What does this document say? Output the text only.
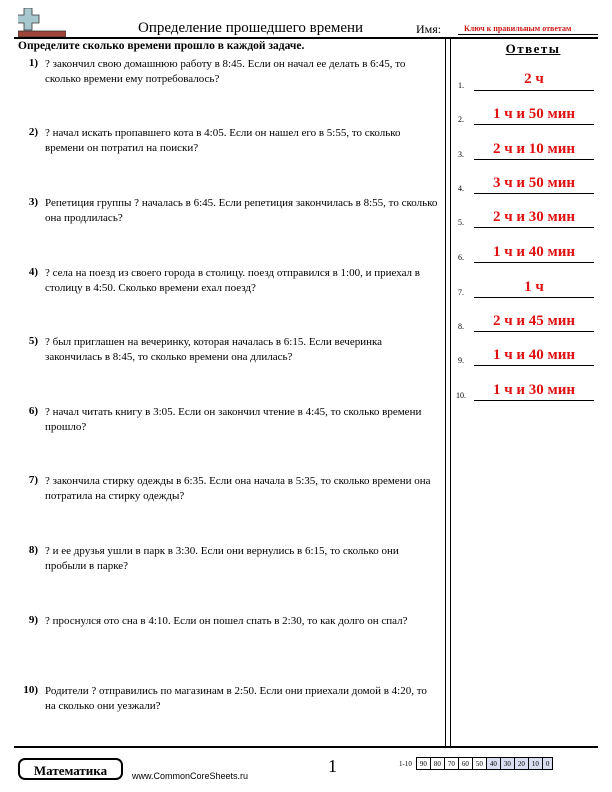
Определение прошедшего времени	Имя:	Ключ к правильным ответам
Определите сколько времени прошло в каждой задаче.	Ответы
1) ? закончил свою домашнюю работу в 8:45. Если он начал ее делать в 6:45, то сколько времени ему потребовалось?
2) ? начал искать пропавшего кота в 4:05. Если он нашел его в 5:55, то сколько времени он потратил на поиски?
3) Репетиция группы ? началась в 6:45. Если репетиция закончилась в 8:55, то сколько она продлилась?
4) ? села на поезд из своего города в столицу. поезд отправился в 1:00, и приехал в столицу в 4:50. Сколько времени ехал поезд?
5) ? был приглашен на вечеринку, которая началась в 6:15. Если вечеринка закончилась в 8:45, то сколько времени она длилась?
6) ? начал читать книгу в 3:05. Если он закончил чтение в 4:45, то сколько времени прошло?
7) ? закончила стирку одежды в 6:35. Если она начала в 5:35, то сколько времени она потратила на стирку одежды?
8) ? и ее друзья ушли в парк в 3:30. Если они вернулись в 6:15, то сколько они пробыли в парке?
9) ? проснулся ото сна в 4:10. Если он пошел спать в 2:30, то как долго он спал?
10) Родители ? отправились по магазинам в 2:50. Если они приехали домой в 4:20, то на сколько они уезжали?
1.	2 ч
2.	1 ч и 50 мин
3.	2 ч и 10 мин
4.	3 ч и 50 мин
5.	2 ч и 30 мин
6.	1 ч и 40 мин
7.	1 ч
8.	2 ч и 45 мин
9.	1 ч и 40 мин
10.	1 ч и 30 мин
Математика	www.CommonCoreSheets.ru	1	1-10	90	80	70	60	50	40	30	20	10	0
